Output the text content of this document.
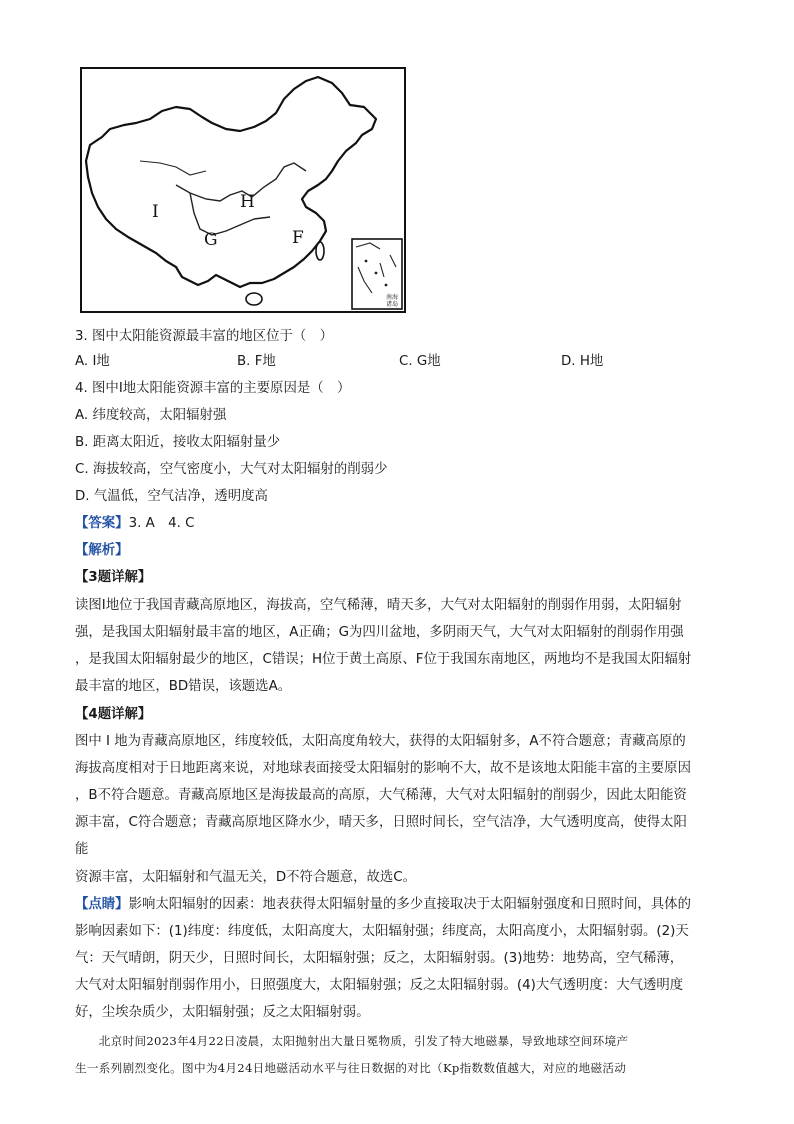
南海诸岛
H
I
G	F
3. 图中太阳能资源最丰富的地区位于（　）
A. I地	B. F地	C. G地	D. H地
4. 图中I地太阳能资源丰富的主要原因是（　）
A. 纬度较高，太阳辐射强
B. 距离太阳近，接收太阳辐射量少
C. 海拔较高，空气密度小，大气对太阳辐射的削弱少
D. 气温低，空气洁净，透明度高
【答案】3. A　4. C
【解析】
【3题详解】
读图I地位于我国青藏高原地区，海拔高，空气稀薄，晴天多，大气对太阳辐射的削弱作用弱，太阳辐射
强，是我国太阳辐射最丰富的地区，A正确；G为四川盆地，多阴雨天气，大气对太阳辐射的削弱作用强
，是我国太阳辐射最少的地区，C错误；H位于黄土高原、F位于我国东南地区，两地均不是我国太阳辐射
最丰富的地区，BD错误，该题选A。
【4题详解】
图中 I 地为青藏高原地区，纬度较低，太阳高度角较大，获得的太阳辐射多，A不符合题意；青藏高原的
海拔高度相对于日地距离来说，对地球表面接受太阳辐射的影响不大，故不是该地太阳能丰富的主要原因
，B不符合题意。青藏高原地区是海拔最高的高原，大气稀薄，大气对太阳辐射的削弱少，因此太阳能资
源丰富，C符合题意；青藏高原地区降水少，晴天多，日照时间长，空气洁净，大气透明度高，使得太阳
能
资源丰富，太阳辐射和气温无关，D不符合题意，故选C。
【点睛】影响太阳辐射的因素：地表获得太阳辐射量的多少直接取决于太阳辐射强度和日照时间，具体的
影响因素如下：(1)纬度：纬度低，太阳高度大，太阳辐射强；纬度高，太阳高度小，太阳辐射弱。(2)天
气：天气晴朗，阴天少，日照时间长，太阳辐射强；反之，太阳辐射弱。(3)地势：地势高，空气稀薄，
大气对太阳辐射削弱作用小，日照强度大，太阳辐射强；反之太阳辐射弱。(4)大气透明度：大气透明度
好，尘埃杂质少，太阳辐射强；反之太阳辐射弱。
　　北京时间2023年4月22日凌晨，太阳抛射出大量日冕物质，引发了特大地磁暴，导致地球空间环境产
生一系列剧烈变化。图中为4月24日地磁活动水平与往日数据的对比（Kp指数数值越大，对应的地磁活动
